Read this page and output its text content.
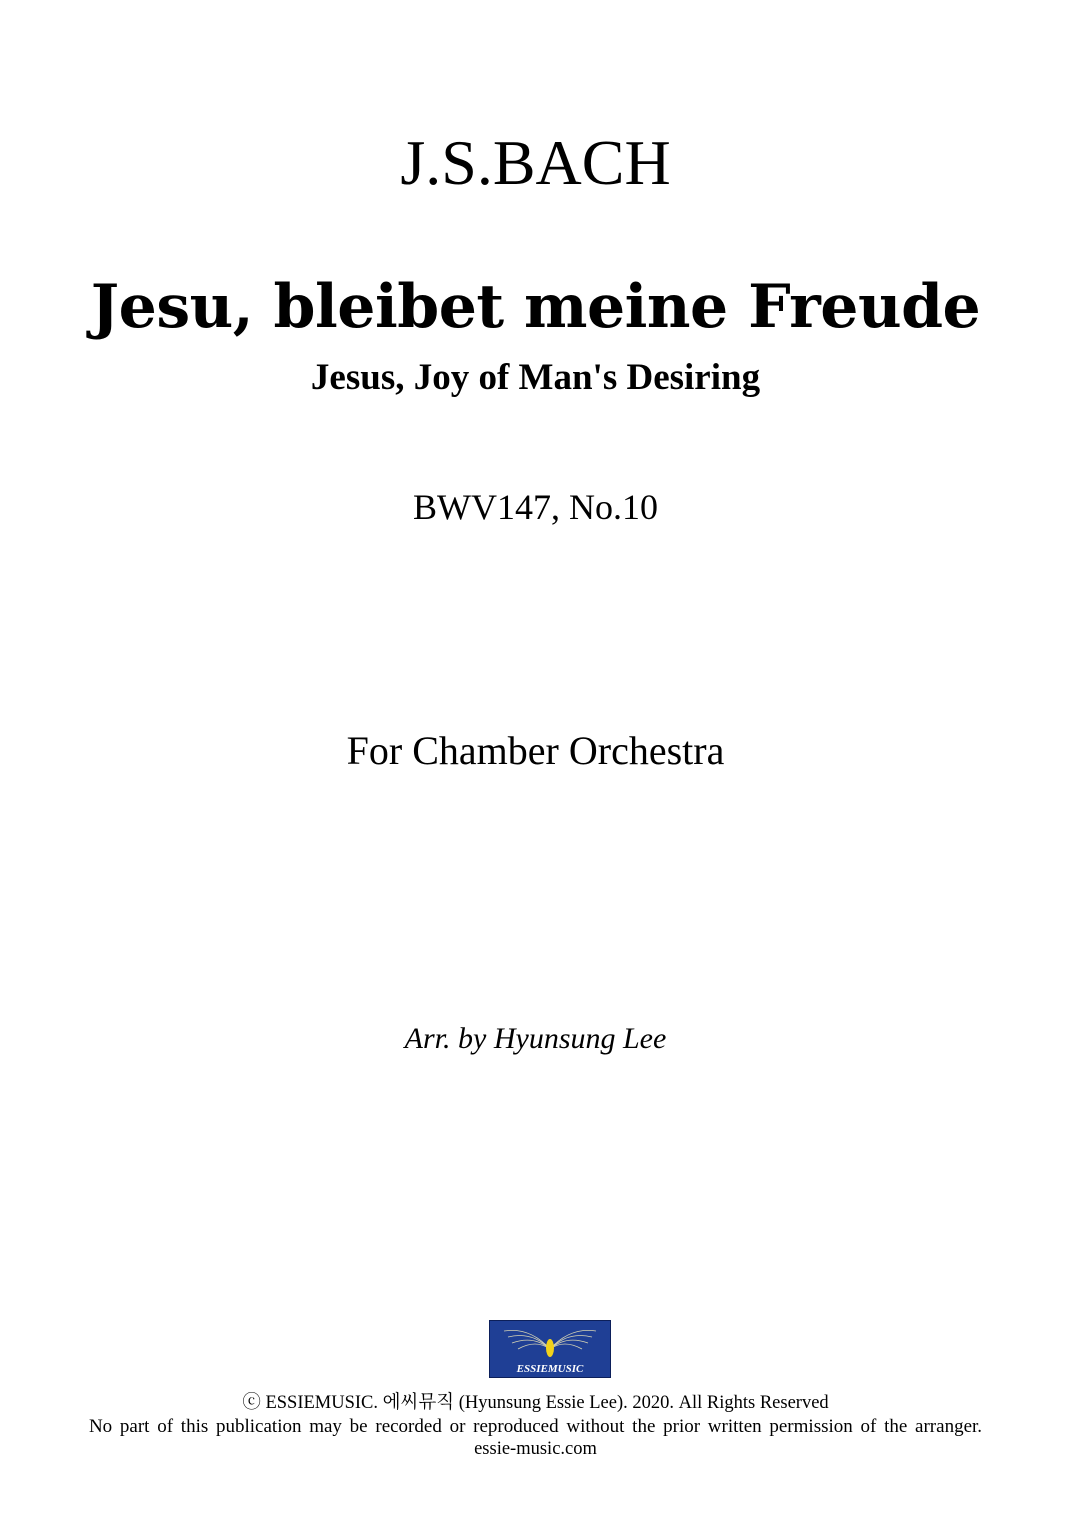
J.S.BACH
Jesu, bleibet meine Freude
Jesus, Joy of Man's Desiring
BWV147, No.10
For Chamber Orchestra
Arr. by Hyunsung Lee
ESSIEMUSIC
ⓒ ESSIEMUSIC. 에씨뮤직 (Hyunsung Essie Lee). 2020. All Rights Reserved
No part of this publication may be recorded or reproduced without the prior written permission of the arranger.
essie-music.com
